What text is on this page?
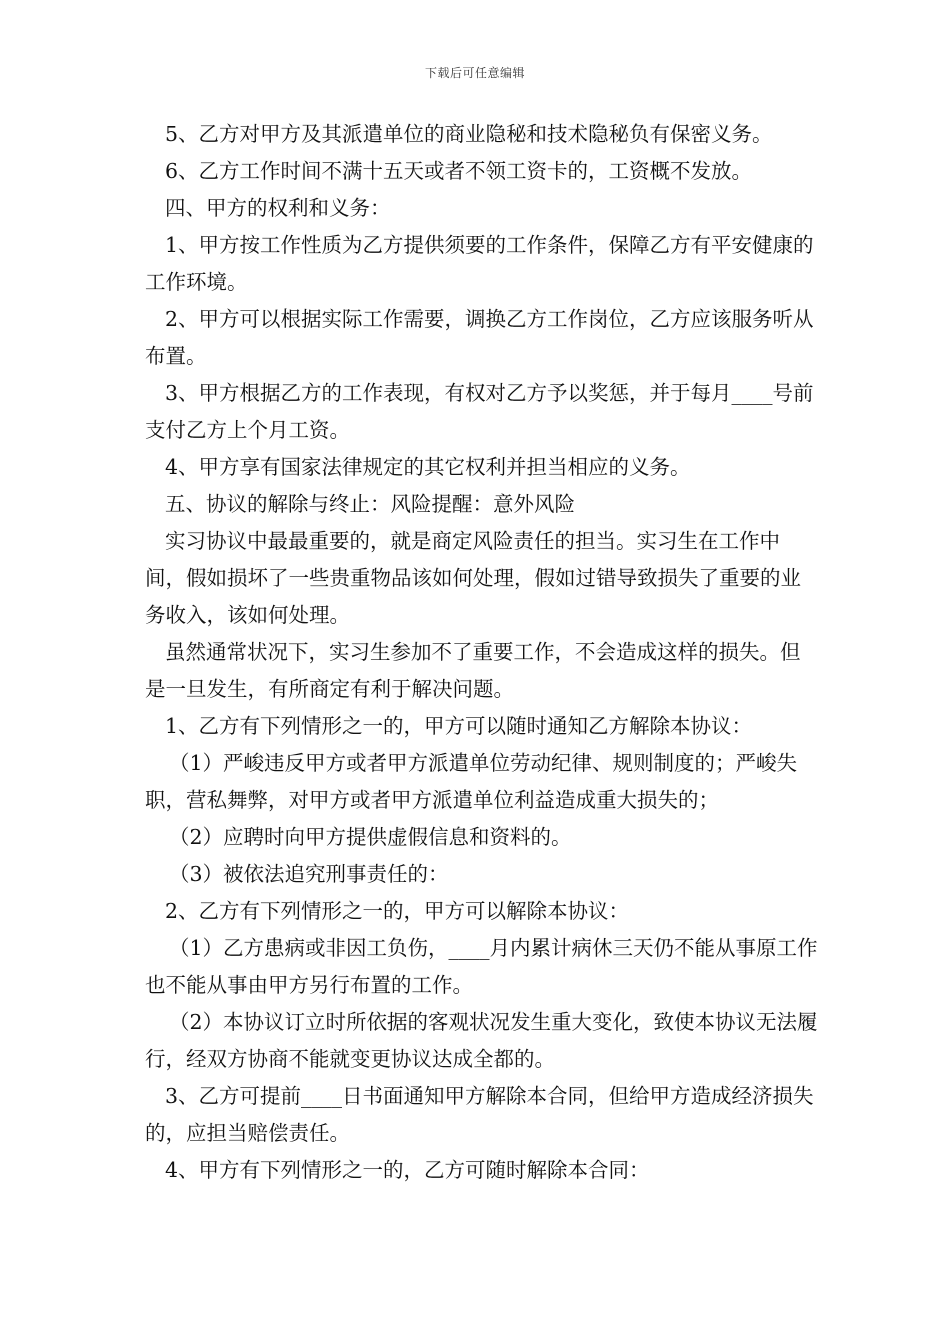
下载后可任意编辑

5、乙方对甲方及其派遣单位的商业隐秘和技术隐秘负有保密义务。

6、乙方工作时间不满十五天或者不领工资卡的，工资概不发放。

四、甲方的权利和义务：

1、甲方按工作性质为乙方提供须要的工作条件，保障乙方有平安健康的工作环境。

2、甲方可以根据实际工作需要，调换乙方工作岗位，乙方应该服务听从布置。

3、甲方根据乙方的工作表现，有权对乙方予以奖惩，并于每月____号前支付乙方上个月工资。

4、甲方享有国家法律规定的其它权利并担当相应的义务。

五、协议的解除与终止：风险提醒：意外风险

实习协议中最最重要的，就是商定风险责任的担当。实习生在工作中间，假如损坏了一些贵重物品该如何处理，假如过错导致损失了重要的业务收入，该如何处理。

虽然通常状况下，实习生参加不了重要工作，不会造成这样的损失。但是一旦发生，有所商定有利于解决问题。

1、乙方有下列情形之一的，甲方可以随时通知乙方解除本协议：

（1）严峻违反甲方或者甲方派遣单位劳动纪律、规则制度的；严峻失职，营私舞弊，对甲方或者甲方派遣单位利益造成重大损失的；

（2）应聘时向甲方提供虚假信息和资料的。

（3）被依法追究刑事责任的：

2、乙方有下列情形之一的，甲方可以解除本协议：

（1）乙方患病或非因工负伤，____月内累计病休三天仍不能从事原工作也不能从事由甲方另行布置的工作。

（2）本协议订立时所依据的客观状况发生重大变化，致使本协议无法履行，经双方协商不能就变更协议达成全都的。

3、乙方可提前____日书面通知甲方解除本合同，但给甲方造成经济损失的，应担当赔偿责任。

4、甲方有下列情形之一的，乙方可随时解除本合同：
